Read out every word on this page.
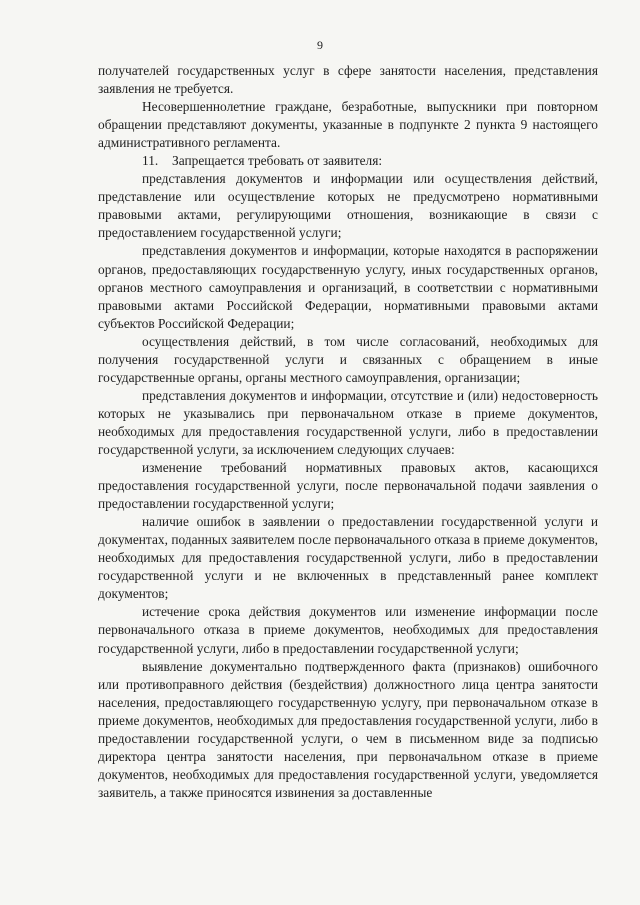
9

получателей государственных услуг в сфере занятости населения, представления заявления не требуется.

Несовершеннолетние граждане, безработные, выпускники при повторном обращении представляют документы, указанные в подпункте 2 пункта 9 настоящего административного регламента.

11. Запрещается требовать от заявителя:

представления документов и информации или осуществления действий, представление или осуществление которых не предусмотрено нормативными правовыми актами, регулирующими отношения, возникающие в связи с предоставлением государственной услуги;

представления документов и информации, которые находятся в распоряжении органов, предоставляющих государственную услугу, иных государственных органов, органов местного самоуправления и организаций, в соответствии с нормативными правовыми актами Российской Федерации, нормативными правовыми актами субъектов Российской Федерации;

осуществления действий, в том числе согласований, необходимых для получения государственной услуги и связанных с обращением в иные государственные органы, органы местного самоуправления, организации;

представления документов и информации, отсутствие и (или) недостоверность которых не указывались при первоначальном отказе в приеме документов, необходимых для предоставления государственной услуги, либо в предоставлении государственной услуги, за исключением следующих случаев:

изменение требований нормативных правовых актов, касающихся предоставления государственной услуги, после первоначальной подачи заявления о предоставлении государственной услуги;

наличие ошибок в заявлении о предоставлении государственной услуги и документах, поданных заявителем после первоначального отказа в приеме документов, необходимых для предоставления государственной услуги, либо в предоставлении государственной услуги и не включенных в представленный ранее комплект документов;

истечение срока действия документов или изменение информации после первоначального отказа в приеме документов, необходимых для предоставления государственной услуги, либо в предоставлении государственной услуги;

выявление документально подтвержденного факта (признаков) ошибочного или противоправного действия (бездействия) должностного лица центра занятости населения, предоставляющего государственную услугу, при первоначальном отказе в приеме документов, необходимых для предоставления государственной услуги, либо в предоставлении государственной услуги, о чем в письменном виде за подписью директора центра занятости населения, при первоначальном отказе в приеме документов, необходимых для предоставления государственной услуги, уведомляется заявитель, а также приносятся извинения за доставленные
